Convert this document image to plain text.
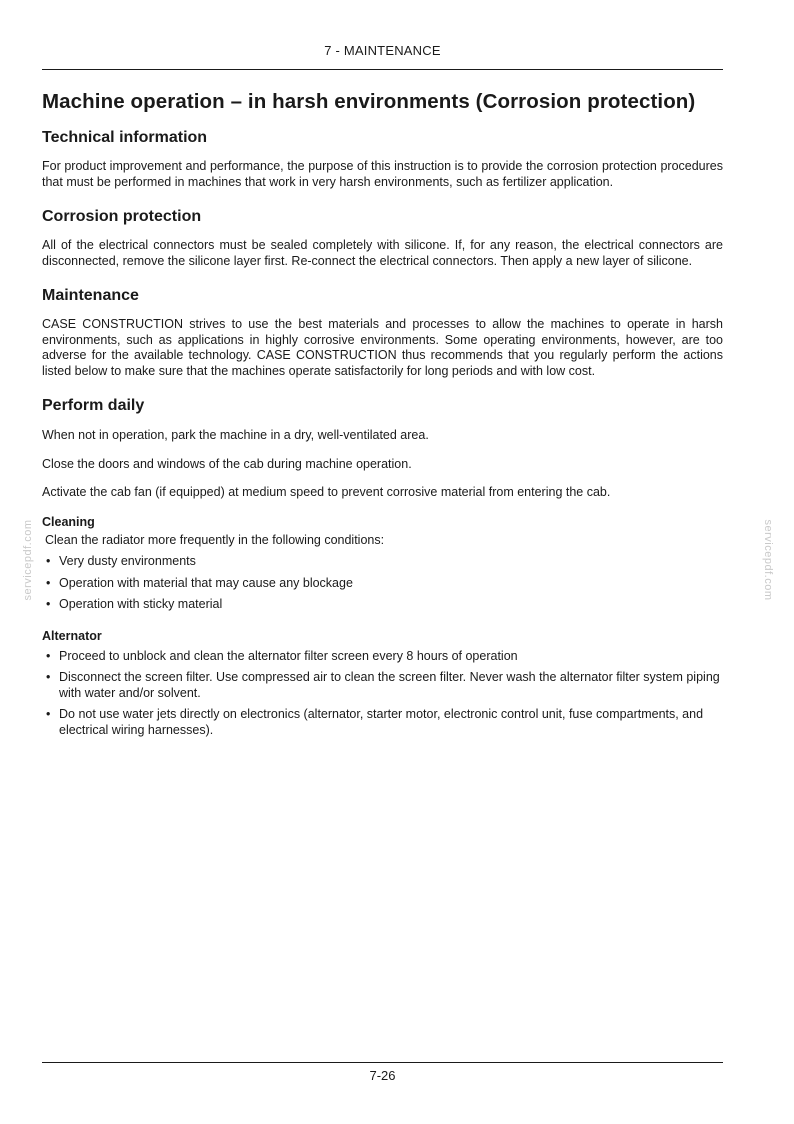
7 - MAINTENANCE
servicepdf.com	servicepdf.com
Machine operation – in harsh environments (Corrosion protection)
Technical information

For product improvement and performance, the purpose of this instruction is to provide the corrosion protection procedures that must be performed in machines that work in very harsh environments, such as fertilizer application.

Corrosion protection

All of the electrical connectors must be sealed completely with silicone. If, for any reason, the electrical connectors are disconnected, remove the silicone layer first. Re-connect the electrical connectors. Then apply a new layer of silicone.

Maintenance

CASE CONSTRUCTION strives to use the best materials and processes to allow the machines to operate in harsh environments, such as applications in highly corrosive environments. Some operating environments, however, are too adverse for the available technology. CASE CONSTRUCTION thus recommends that you regularly perform the actions listed below to make sure that the machines operate satisfactorily for long periods and with low cost.

Perform daily

When not in operation, park the machine in a dry, well-ventilated area.

Close the doors and windows of the cab during machine operation.

Activate the cab fan (if equipped) at medium speed to prevent corrosive material from entering the cab.

Cleaning

Clean the radiator more frequently in the following conditions:

• Very dusty environments
• Operation with material that may cause any blockage
• Operation with sticky material
Alternator
• Proceed to unblock and clean the alternator filter screen every 8 hours of operation
• Disconnect the screen filter. Use compressed air to clean the screen filter. Never wash the alternator filter system piping with water and/or solvent.
• Do not use water jets directly on electronics (alternator, starter motor, electronic control unit, fuse compartments, and electrical wiring harnesses).
7-26
